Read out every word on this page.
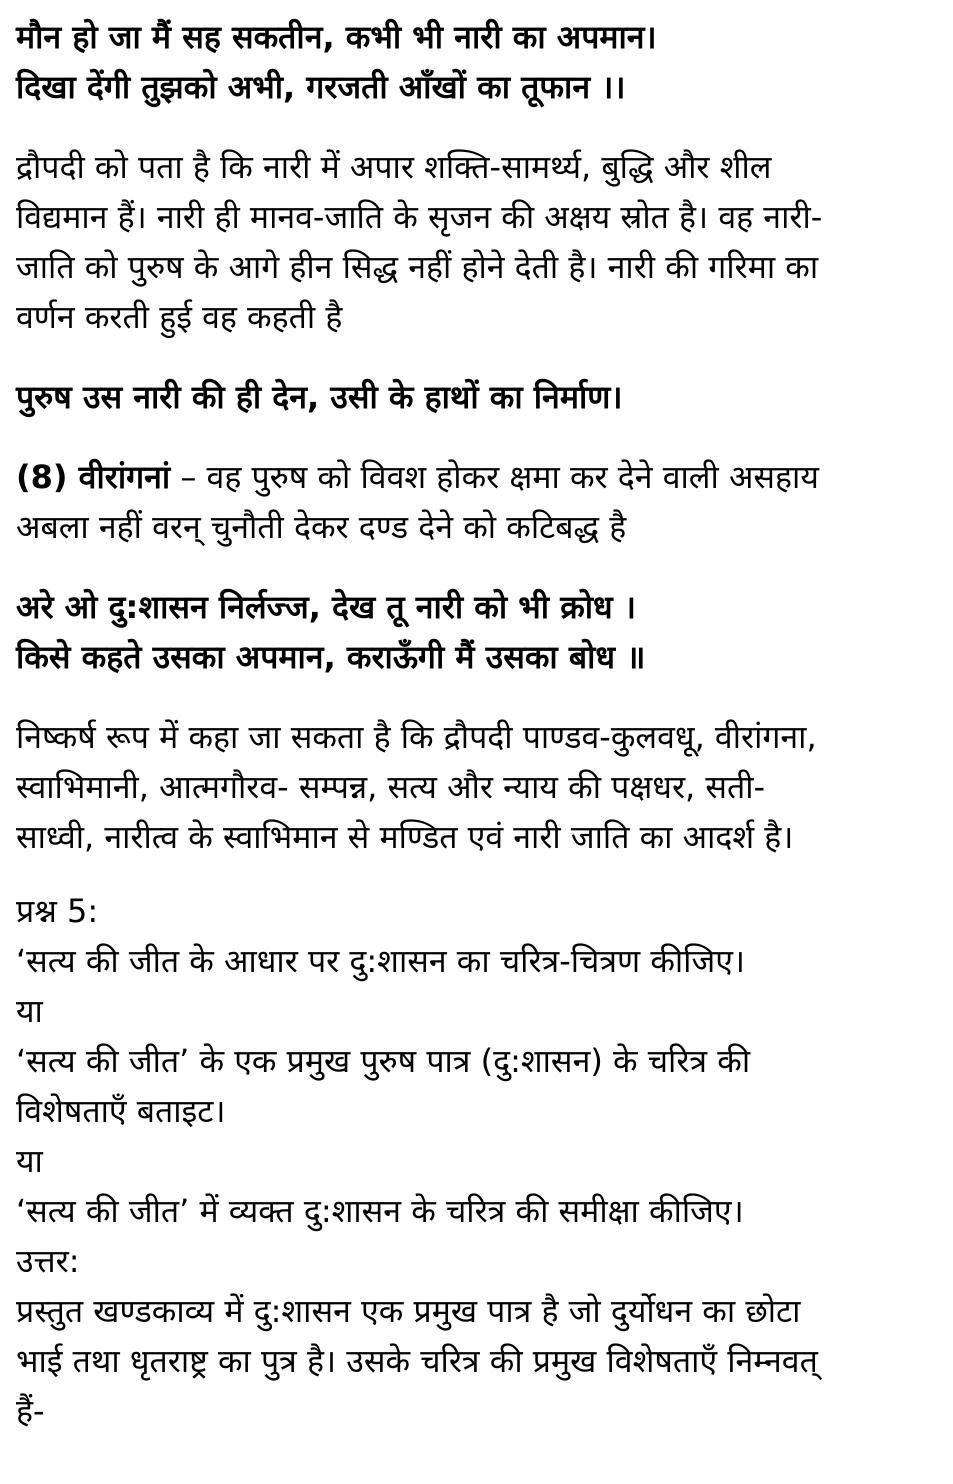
मौन हो जा मैं सह सकतीन, कभी भी नारी का अपमान।
दिखा देंगी तुझको अभी, गरजती आँखों का तूफान ।।
द्रौपदी को पता है कि नारी में अपार शक्ति-सामर्थ्य, बुद्धि और शील
विद्यमान हैं। नारी ही मानव-जाति के सृजन की अक्षय स्रोत है। वह नारी-
जाति को पुरुष के आगे हीन सिद्ध नहीं होने देती है। नारी की गरिमा का
वर्णन करती हुई वह कहती है
पुरुष उस नारी की ही देन, उसी के हाथों का निर्माण।
(8) वीरांगनां – वह पुरुष को विवश होकर क्षमा कर देने वाली असहाय
अबला नहीं वरन् चुनौती देकर दण्ड देने को कटिबद्ध है
अरे ओ दु:शासन निर्लज्ज, देख तू नारी को भी क्रोध ।
किसे कहते उसका अपमान, कराऊँगी मैं उसका बोध ॥
निष्कर्ष रूप में कहा जा सकता है कि द्रौपदी पाण्डव-कुलवधू, वीरांगना,
स्वाभिमानी, आत्मगौरव- सम्पन्न, सत्य और न्याय की पक्षधर, सती-
साध्वी, नारीत्व के स्वाभिमान से मण्डित एवं नारी जाति का आदर्श है।
प्रश्न 5:
‘सत्य की जीत के आधार पर दु:शासन का चरित्र-चित्रण कीजिए।
या
‘सत्य की जीत’ के एक प्रमुख पुरुष पात्र (दु:शासन) के चरित्र की
विशेषताएँ बताइट।
या
‘सत्य की जीत’ में व्यक्त दु:शासन के चरित्र की समीक्षा कीजिए।
उत्तर:
प्रस्तुत खण्डकाव्य में दु:शासन एक प्रमुख पात्र है जो दुर्योधन का छोटा
भाई तथा धृतराष्ट्र का पुत्र है। उसके चरित्र की प्रमुख विशेषताएँ निम्नवत्
हैं-
